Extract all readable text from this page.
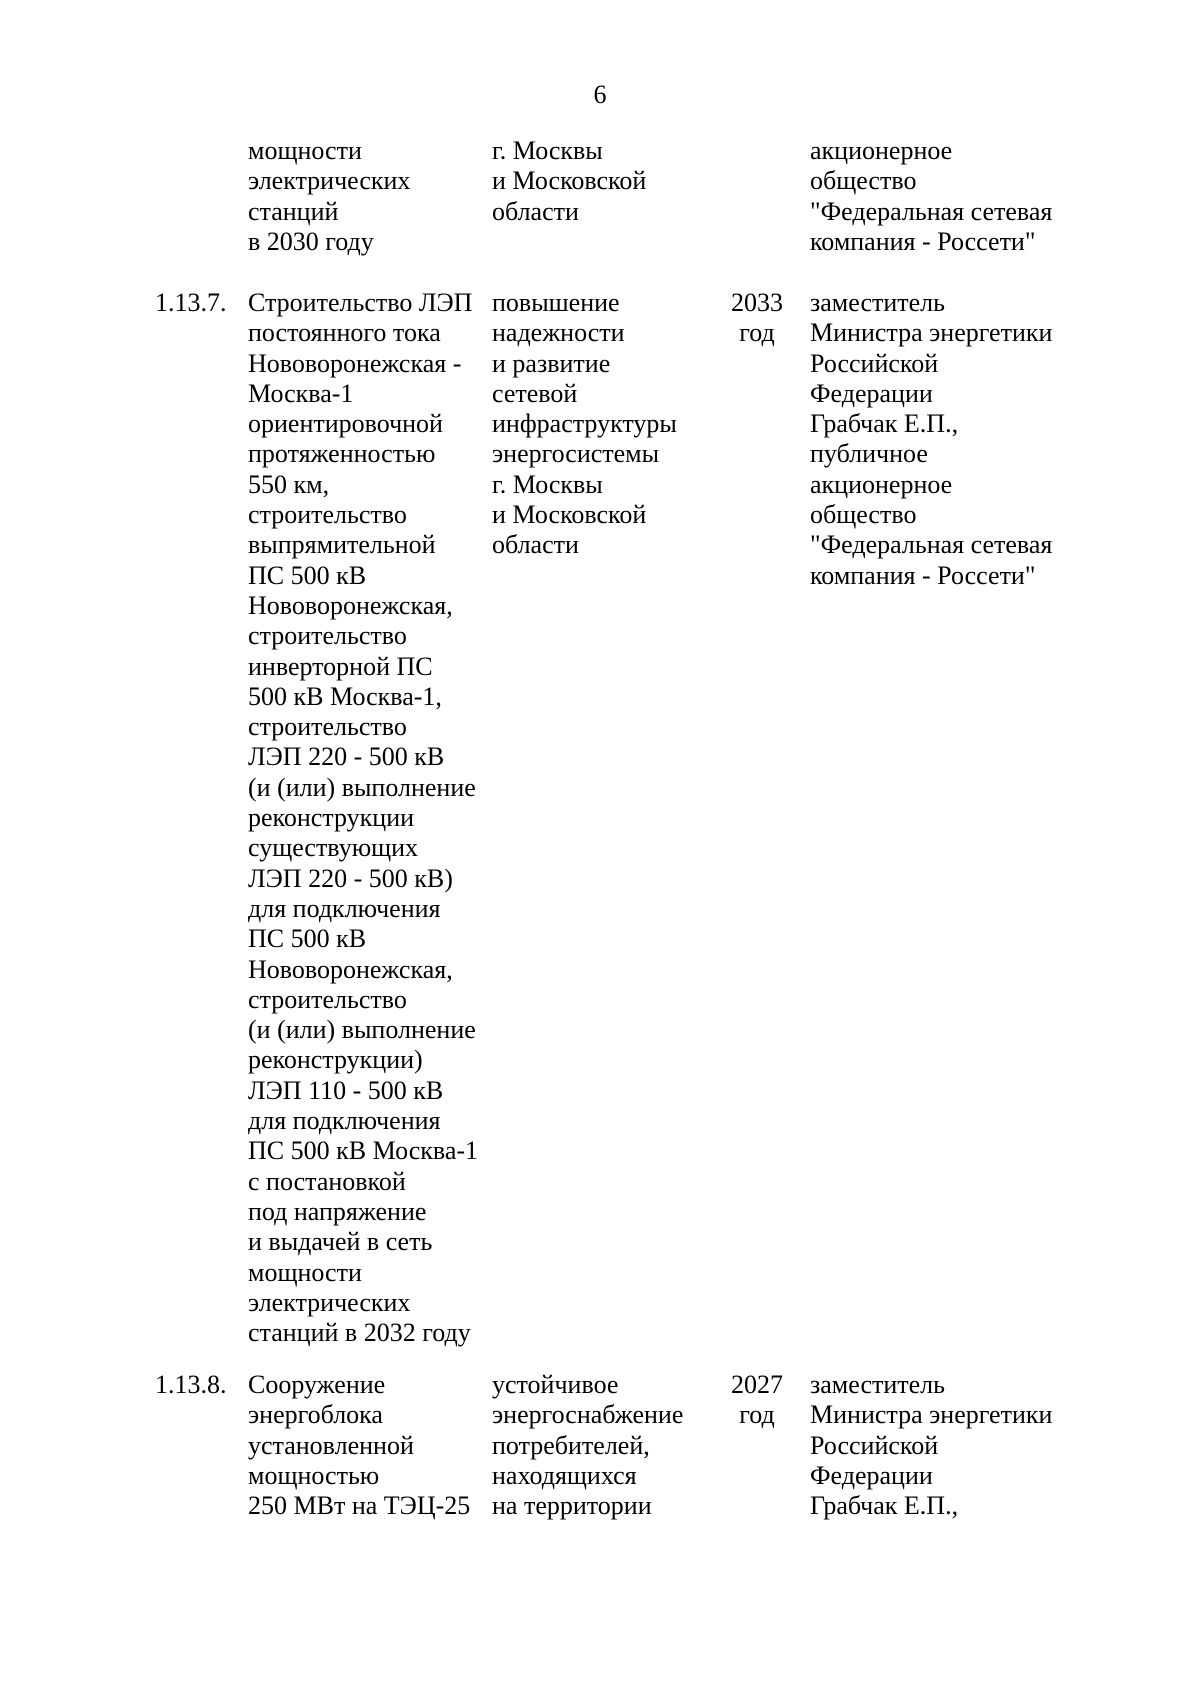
6
мощности
электрических
станций
в 2030 году
г. Москвы
и Московской
области
акционерное
общество
"Федеральная сетевая
компания - Россети"
1.13.7. Строительство ЛЭП
постоянного тока
Нововоронежская -
Москва-1
ориентировочной
протяженностью
550 км,
строительство
выпрямительной
ПС 500 кВ
Нововоронежская,
строительство
инверторной ПС
500 кВ Москва-1,
строительство
ЛЭП 220 - 500 кВ
(и (или) выполнение
реконструкции
существующих
ЛЭП 220 - 500 кВ)
для подключения
ПС 500 кВ
Нововоронежская,
строительство
(и (или) выполнение
реконструкции)
ЛЭП 110 - 500 кВ
для подключения
ПС 500 кВ Москва-1
с постановкой
под напряжение
и выдачей в сеть
мощности
электрических
станций в 2032 году
повышение
надежности
и развитие
сетевой
инфраструктуры
энергосистемы
г. Москвы
и Московской
области
2033
год
заместитель
Министра энергетики
Российской
Федерации
Грабчак Е.П.,
публичное
акционерное
общество
"Федеральная сетевая
компания - Россети"
1.13.8. Сооружение
энергоблока
установленной
мощностью
250 МВт на ТЭЦ-25
устойчивое
энергоснабжение
потребителей,
находящихся
на территории
2027
год
заместитель
Министра энергетики
Российской
Федерации
Грабчак Е.П.,
